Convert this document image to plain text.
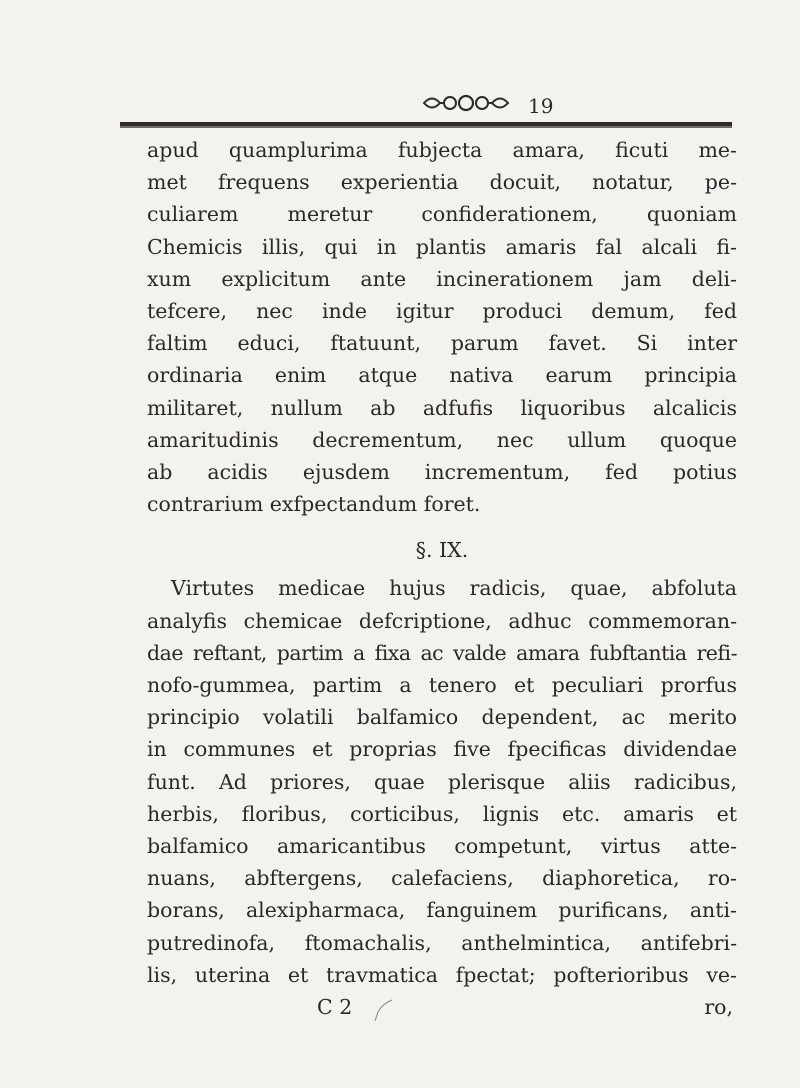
19
apud quamplurima fubjecta amara, ficuti me-
met frequens experientia docuit, notatur, pe-
culiarem meretur confiderationem, quoniam
Chemicis illis, qui in plantis amaris fal alcali fi-
xum explicitum ante incinerationem jam deli-
tefcere, nec inde igitur produci demum, fed
faltim educi, ftatuunt, parum favet. Si inter
ordinaria enim atque nativa earum principia
militaret, nullum ab adfufis liquoribus alcalicis
amaritudinis decrementum, nec ullum quoque
ab acidis ejusdem incrementum, fed potius
contrarium exfpectandum foret.
§. IX.
Virtutes medicae hujus radicis, quae, abfoluta
analyfis chemicae defcriptione, adhuc commemoran-
dae reftant, partim a fixa ac valde amara fubftantia refi-
nofo-gummea, partim a tenero et peculiari prorfus
principio volatili balfamico dependent, ac merito
in communes et proprias five fpecificas dividendae
funt. Ad priores, quae plerisque aliis radicibus,
herbis, floribus, corticibus, lignis etc. amaris et
balfamico amaricantibus competunt, virtus atte-
nuans, abftergens, calefaciens, diaphoretica, ro-
borans, alexipharmaca, fanguinem purificans, anti-
putredinofa, ftomachalis, anthelmintica, antifebri-
lis, uterina et travmatica fpectat; pofterioribus ve-
C 2	ro,
